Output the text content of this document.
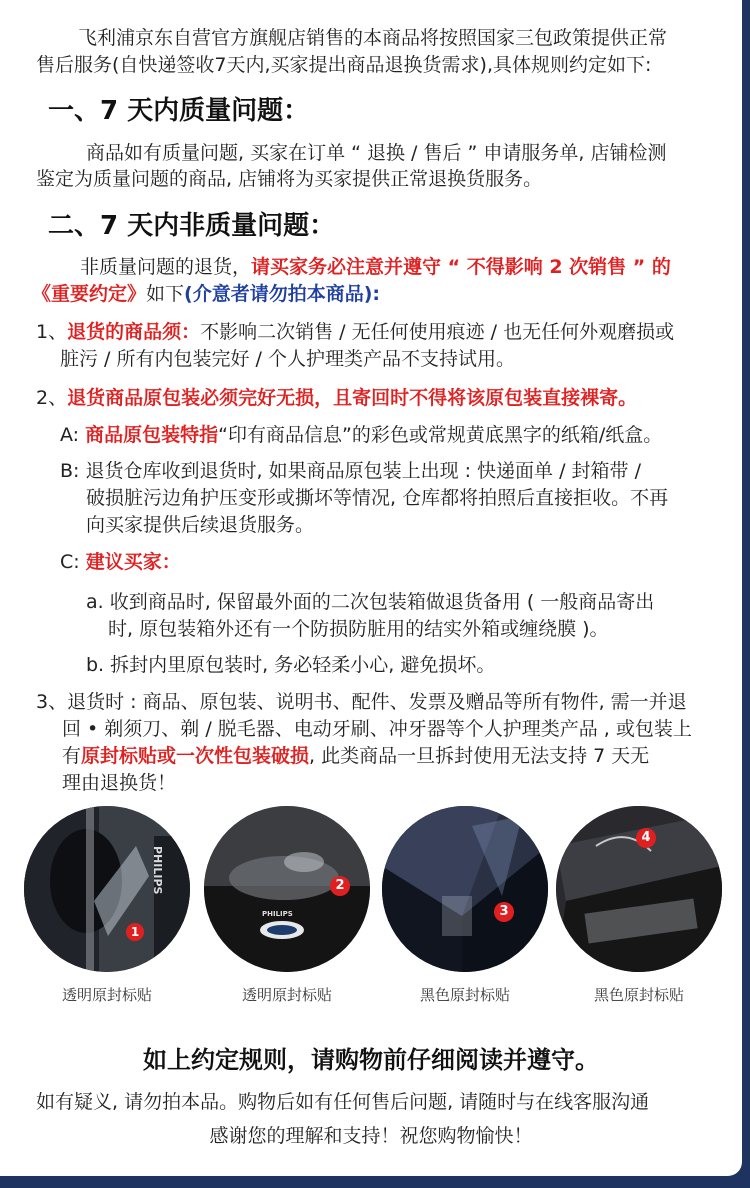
飞利浦京东自营官方旗舰店销售的本商品将按照国家三包政策提供正常
售后服务(自快递签收7天内,买家提出商品退换货需求),具体规则约定如下:
一、7 天内质量问题：
商品如有质量问题, 买家在订单 “ 退换 / 售后 ” 申请服务单, 店铺检测
鉴定为质量问题的商品, 店铺将为买家提供正常退换货服务。
二、7 天内非质量问题：
非质量问题的退货，请买家务必注意并遵守 “ 不得影响 2 次销售 ” 的
《重要约定》如下(介意者请勿拍本商品):
1、退货的商品须：不影响二次销售 / 无任何使用痕迹 / 也无任何外观磨损或
脏污 / 所有内包装完好 / 个人护理类产品不支持试用。
2、退货商品原包装必须完好无损，且寄回时不得将该原包装直接裸寄。
A: 商品原包装特指“印有商品信息”的彩色或常规黄底黑字的纸箱/纸盒。
B: 退货仓库收到退货时, 如果商品原包装上出现 : 快递面单 / 封箱带 /
破损脏污边角护压变形或撕坏等情况, 仓库都将拍照后直接拒收。不再
向买家提供后续退货服务。
C: 建议买家：
a. 收到商品时, 保留最外面的二次包装箱做退货备用 ( 一般商品寄出
时, 原包装箱外还有一个防损防脏用的结实外箱或缠绕膜 )。
b. 拆封内里原包装时, 务必轻柔小心, 避免损坏。
3、退货时 : 商品、原包装、说明书、配件、发票及赠品等所有物件, 需一并退
回 • 剃须刀、剃 / 脱毛器、电动牙刷、冲牙器等个人护理类产品 , 或包装上
有原封标贴或一次性包装破损, 此类商品一旦拆封使用无法支持 7 天无
理由退换货！
PHILIPS
1
透明原封标贴
PHILIPS
2
透明原封标贴
3
黑色原封标贴
4
黑色原封标贴
如上约定规则，请购物前仔细阅读并遵守。
如有疑义, 请勿拍本品。购物后如有任何售后问题, 请随时与在线客服沟通
感谢您的理解和支持！祝您购物愉快！
